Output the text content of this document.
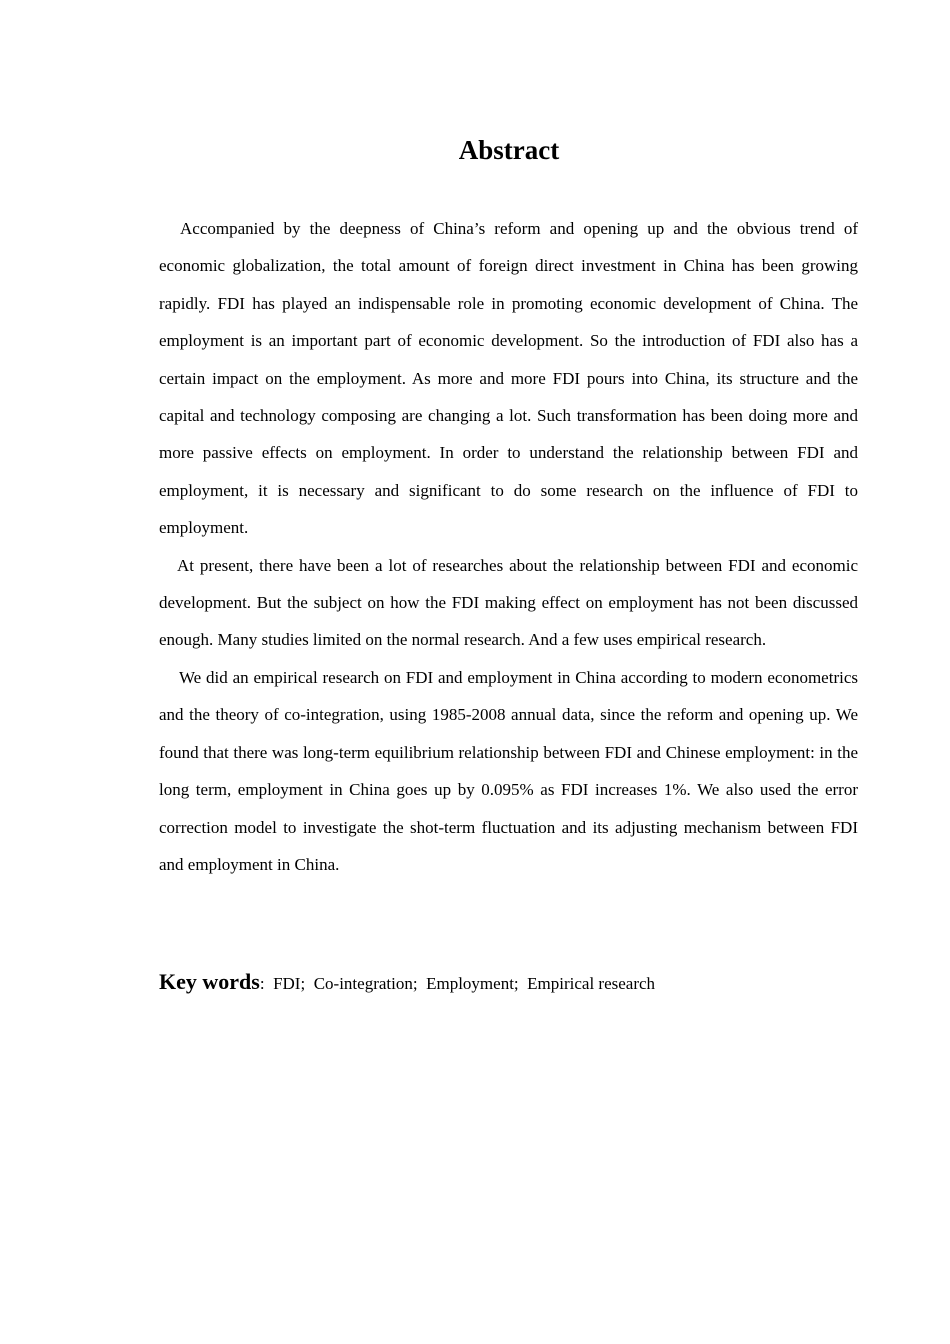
Abstract

Accompanied by the deepness of China’s reform and opening up and the obvious trend of economic globalization, the total amount of foreign direct investment in China has been growing rapidly. FDI has played an indispensable role in promoting economic development of China. The employment is an important part of economic development. So the introduction of FDI also has a certain impact on the employment. As more and more FDI pours into China, its structure and the capital and technology composing are changing a lot. Such transformation has been doing more and more passive effects on employment. In order to understand the relationship between FDI and employment, it is necessary and significant to do some research on the influence of FDI to employment.

At present, there have been a lot of researches about the relationship between FDI and economic development. But the subject on how the FDI making effect on employment has not been discussed enough. Many studies limited on the normal research. And a few uses empirical research.

We did an empirical research on FDI and employment in China according to modern econometrics and the theory of co-integration, using 1985-2008 annual data, since the reform and opening up. We found that there was long-term equilibrium relationship between FDI and Chinese employment: in the long term, employment in China goes up by 0.095% as FDI increases 1%. We also used the error correction model to investigate the shot-term fluctuation and its adjusting mechanism between FDI and employment in China.

Key words: FDI;  Co-integration;  Employment;  Empirical research
